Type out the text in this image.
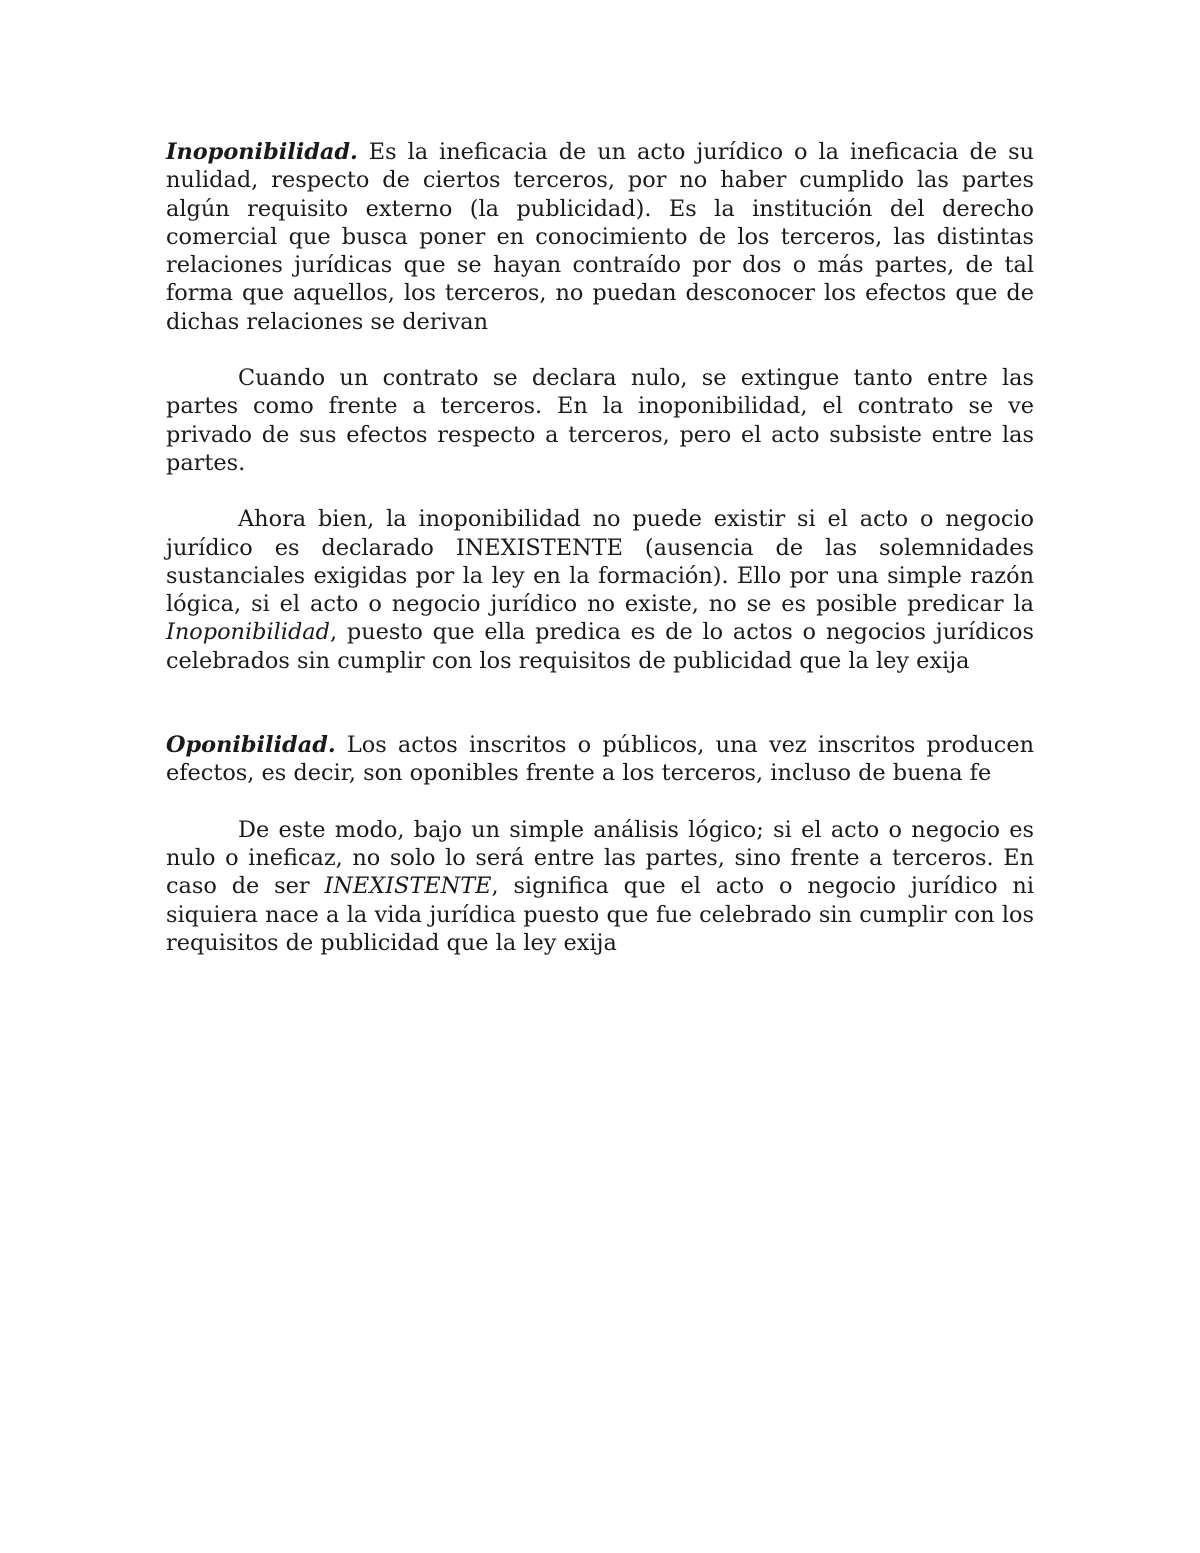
Inoponibilidad. Es la ineficacia de un acto jurídico o la ineficacia de su nulidad, respecto de ciertos terceros, por no haber cumplido las partes algún requisito externo (la publicidad). Es la institución del derecho comercial que busca poner en conocimiento de los terceros, las distintas relaciones jurídicas que se hayan contraído por dos o más partes, de tal forma que aquellos, los terceros, no puedan desconocer los efectos que de dichas relaciones se derivan

Cuando un contrato se declara nulo, se extingue tanto entre las partes como frente a terceros. En la inoponibilidad, el contrato se ve privado de sus efectos respecto a terceros, pero el acto subsiste entre las partes.

Ahora bien, la inoponibilidad no puede existir si el acto o negocio jurídico es declarado INEXISTENTE (ausencia de las solemnidades sustanciales exigidas por la ley en la formación). Ello por una simple razón lógica, si el acto o negocio jurídico no existe, no se es posible predicar la Inoponibilidad, puesto que ella predica es de lo actos o negocios jurídicos celebrados sin cumplir con los requisitos de publicidad que la ley exija

Oponibilidad. Los actos inscritos o públicos, una vez inscritos producen efectos, es decir, son oponibles frente a los terceros, incluso de buena fe

De este modo, bajo un simple análisis lógico; si el acto o negocio es nulo o ineficaz, no solo lo será entre las partes, sino frente a terceros. En caso de ser INEXISTENTE, significa que el acto o negocio jurídico ni siquiera nace a la vida jurídica puesto que fue celebrado sin cumplir con los requisitos de publicidad que la ley exija
